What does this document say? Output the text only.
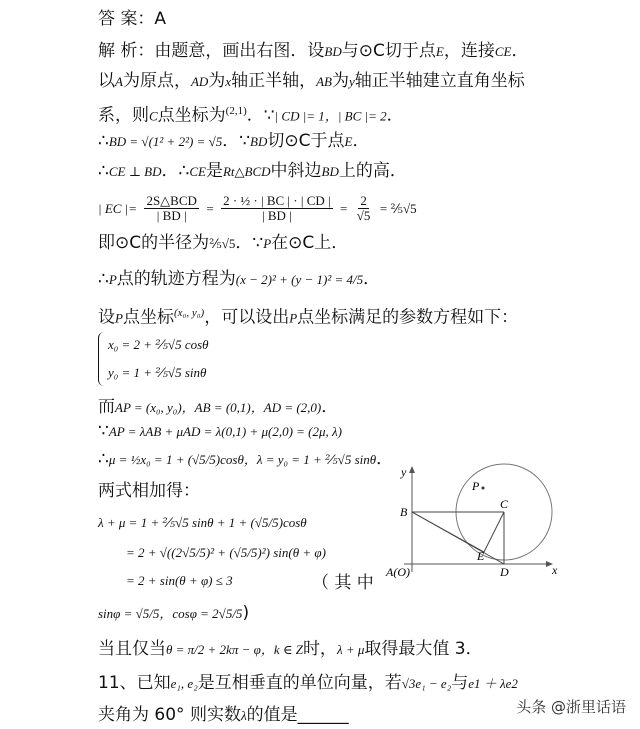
答 案：A
解 析：由题意，画出右图．设BD与⊙C切于点E，连接CE．
以A为原点，AD为x轴正半轴，AB为y轴正半轴建立直角坐标
系，则C点坐标为$^{(2,1)}$．∵| CD |= 1，| BC |= 2．
∴BD = √(1² + 2²) = √5．∵BD切⊙C于点E．
∴CE ⊥ BD．∴CE是Rt△BCD中斜边BD上的高．
| EC |= $\frac{\text{2S△BCD}}{| BD |} = \frac{\text{2 · ½ · | BC | · | CD |}}{| BD |} = \frac{2}{√5}$ = ⅖√5
即⊙C的半径为⅖√5．∵P在⊙C上．
∴P点的轨迹方程为(x − 2)² + (y − 1)² = 4/5．
设P点坐标$^{(x_0, y_0)}$，可以设出P点坐标满足的参数方程如下：
x₀ = 2 + ⅖√5 cosθ
y₀ = 1 + ⅖√5 sinθ
而AP = (x₀, y₀)，AB = (0,1)，AD = (2,0)．
∵AP = λAB + μAD = λ(0,1) + μ(2,0) = (2μ, λ)
∴μ = ½x₀ = 1 + (√5/5)cosθ，λ = y₀ = 1 + ⅖√5 sinθ．
两式相加得：
λ + μ = 1 + ⅖√5 sinθ + 1 + (√5/5)cosθ
= 2 + √((2√5/5)² + (√5/5)²) sin(θ + φ)
= 2 + sin(θ + φ) ≤ 3	（ 其 中
sinφ = √5/5，cosφ = 2√5/5)
当且仅当θ = π/2 + 2kπ − φ，k ∈ Z时，λ + μ取得最大值 3．
11、已知e₁, e₂是互相垂直的单位向量，若√3e₁ − e₂与e1 ＋ λe2
夹角为 60° 则实数λ的值是______
y
x
A(O)
B
C
D
E
P
头条 @浙里话语
